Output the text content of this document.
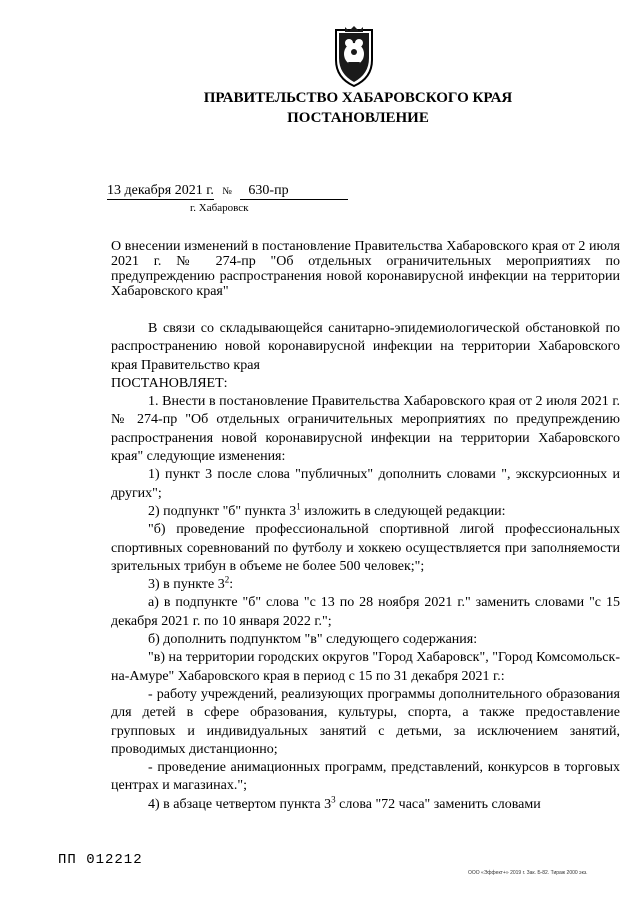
ПРАВИТЕЛЬСТВО ХАБАРОВСКОГО КРАЯ
ПОСТАНОВЛЕНИЕ
13 декабря 2021 г. № 630-пр
г. Хабаровск
О внесении изменений в постановление Правительства Хабаровского края от 2 июля 2021 г. № 274-пр "Об отдельных ограничительных мероприятиях по предупреждению распространения новой коронавирусной инфекции на территории Хабаровского края"

В связи со складывающейся санитарно-эпидемиологической обстановкой по распространению новой коронавирусной инфекции на территории Хабаровского края Правительство края

ПОСТАНОВЛЯЕТ:

1. Внести в постановление Правительства Хабаровского края от 2 июля 2021 г. № 274-пр "Об отдельных ограничительных мероприятиях по предупреждению распространения новой коронавирусной инфекции на территории Хабаровского края" следующие изменения:

1) пункт 3 после слова "публичных" дополнить словами ", экскурсионных и других";

2) подпункт "б" пункта $3^1$ изложить в следующей редакции:

"б) проведение профессиональной спортивной лигой профессиональных спортивных соревнований по футболу и хоккею осуществляется при заполняемости зрительных трибун в объеме не более 500 человек;";

3) в пункте $3^2$:

а) в подпункте "б" слова "с 13 по 28 ноября 2021 г." заменить словами "с 15 декабря 2021 г. по 10 января 2022 г.";

б) дополнить подпунктом "в" следующего содержания:

"в) на территории городских округов "Город Хабаровск", "Город Комсомольск-на-Амуре" Хабаровского края в период с 15 по 31 декабря 2021 г.:

- работу учреждений, реализующих программы дополнительного образования для детей в сфере образования, культуры, спорта, а также предоставление групповых и индивидуальных занятий с детьми, за исключением занятий, проводимых дистанционно;

- проведение анимационных программ, представлений, конкурсов в торговых центрах и магазинах.";

4) в абзаце четвертом пункта $3^3$ слова "72 часа" заменить словами

ПП 012212
ООО «Эффект+» 2019 г. Зак. Б-82. Тираж 2000 экз.
